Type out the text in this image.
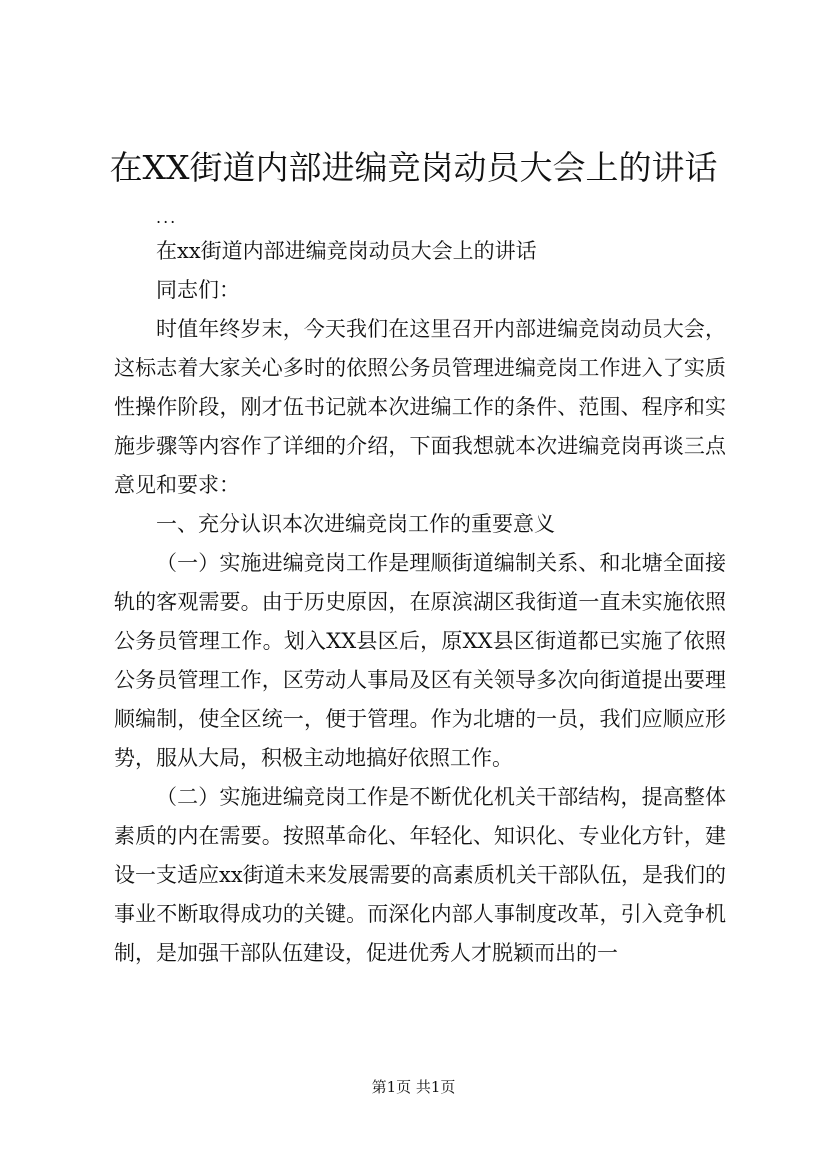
在XX街道内部进编竞岗动员大会上的讲话

...

在xx街道内部进编竞岗动员大会上的讲话

同志们：

时值年终岁末，今天我们在这里召开内部进编竞岗动员大会，这标志着大家关心多时的依照公务员管理进编竞岗工作进入了实质性操作阶段，刚才伍书记就本次进编工作的条件、范围、程序和实施步骤等内容作了详细的介绍，下面我想就本次进编竞岗再谈三点意见和要求：

一、充分认识本次进编竞岗工作的重要意义

（一）实施进编竞岗工作是理顺街道编制关系、和北塘全面接轨的客观需要。由于历史原因，在原滨湖区我街道一直未实施依照公务员管理工作。划入XX县区后，原XX县区街道都已实施了依照公务员管理工作，区劳动人事局及区有关领导多次向街道提出要理顺编制，使全区统一，便于管理。作为北塘的一员，我们应顺应形势，服从大局，积极主动地搞好依照工作。

（二）实施进编竞岗工作是不断优化机关干部结构，提高整体素质的内在需要。按照革命化、年轻化、知识化、专业化方针，建设一支适应xx街道未来发展需要的高素质机关干部队伍，是我们的事业不断取得成功的关键。而深化内部人事制度改革，引入竞争机制，是加强干部队伍建设，促进优秀人才脱颖而出的一

第1页 共1页
